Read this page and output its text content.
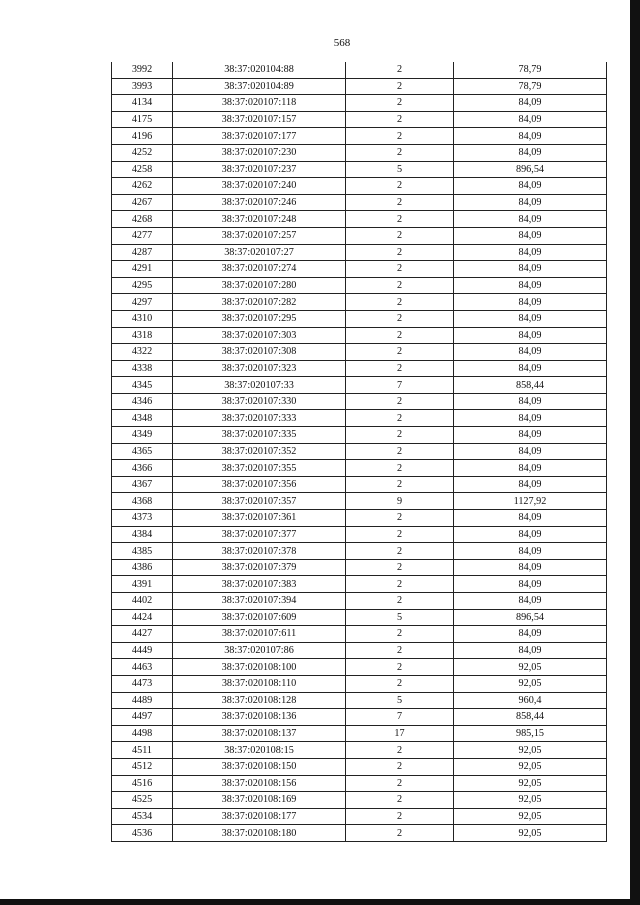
568
3992	38:37:020104:88	2	78,79
3993	38:37:020104:89	2	78,79
4134	38:37:020107:118	2	84,09
4175	38:37:020107:157	2	84,09
4196	38:37:020107:177	2	84,09
4252	38:37:020107:230	2	84,09
4258	38:37:020107:237	5	896,54
4262	38:37:020107:240	2	84,09
4267	38:37:020107:246	2	84,09
4268	38:37:020107:248	2	84,09
4277	38:37:020107:257	2	84,09
4287	38:37:020107:27	2	84,09
4291	38:37:020107:274	2	84,09
4295	38:37:020107:280	2	84,09
4297	38:37:020107:282	2	84,09
4310	38:37:020107:295	2	84,09
4318	38:37:020107:303	2	84,09
4322	38:37:020107:308	2	84,09
4338	38:37:020107:323	2	84,09
4345	38:37:020107:33	7	858,44
4346	38:37:020107:330	2	84,09
4348	38:37:020107:333	2	84,09
4349	38:37:020107:335	2	84,09
4365	38:37:020107:352	2	84,09
4366	38:37:020107:355	2	84,09
4367	38:37:020107:356	2	84,09
4368	38:37:020107:357	9	1127,92
4373	38:37:020107:361	2	84,09
4384	38:37:020107:377	2	84,09
4385	38:37:020107:378	2	84,09
4386	38:37:020107:379	2	84,09
4391	38:37:020107:383	2	84,09
4402	38:37:020107:394	2	84,09
4424	38:37:020107:609	5	896,54
4427	38:37:020107:611	2	84,09
4449	38:37:020107:86	2	84,09
4463	38:37:020108:100	2	92,05
4473	38:37:020108:110	2	92,05
4489	38:37:020108:128	5	960,4
4497	38:37:020108:136	7	858,44
4498	38:37:020108:137	17	985,15
4511	38:37:020108:15	2	92,05
4512	38:37:020108:150	2	92,05
4516	38:37:020108:156	2	92,05
4525	38:37:020108:169	2	92,05
4534	38:37:020108:177	2	92,05
4536	38:37:020108:180	2	92,05
